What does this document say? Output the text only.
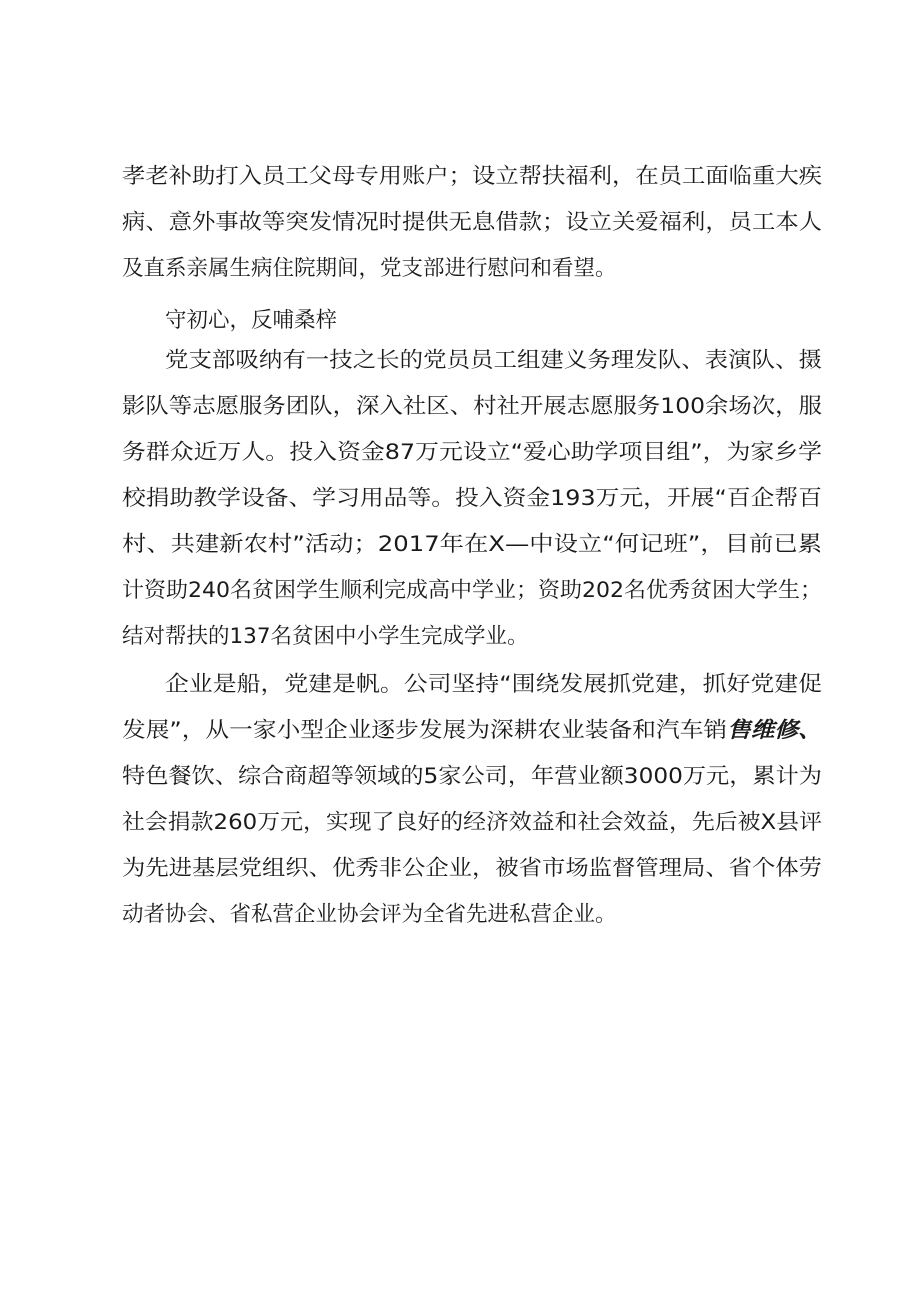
孝老补助打入员工父母专用账户；设立帮扶福利，在员工面临重大疾
病、意外事故等突发情况时提供无息借款；设立关爱福利，员工本人
及直系亲属生病住院期间，党支部进行慰问和看望。
守初心，反哺桑梓
党支部吸纳有一技之长的党员员工组建义务理发队、表演队、摄
影队等志愿服务团队，深入社区、村社开展志愿服务100余场次，服
务群众近万人。投入资金87万元设立“爱心助学项目组”，为家乡学
校捐助教学设备、学习用品等。投入资金193万元，开展“百企帮百
村、共建新农村”活动；2017年在X—中设立“何记班”，目前已累
计资助240名贫困学生顺利完成高中学业；资助202名优秀贫困大学生；
结对帮扶的137名贫困中小学生完成学业。
企业是船，党建是帆。公司坚持“围绕发展抓党建，抓好党建促
发展”，从一家小型企业逐步发展为深耕农业装备和汽车销 售维修、
特色餐饮、综合商超等领域的5家公司，年营业额3000万元，累计为
社会捐款260万元，实现了良好的经济效益和社会效益，先后被X县评
为先进基层党组织、优秀非公企业，被省市场监督管理局、省个体劳
动者协会、省私营企业协会评为全省先进私营企业。
